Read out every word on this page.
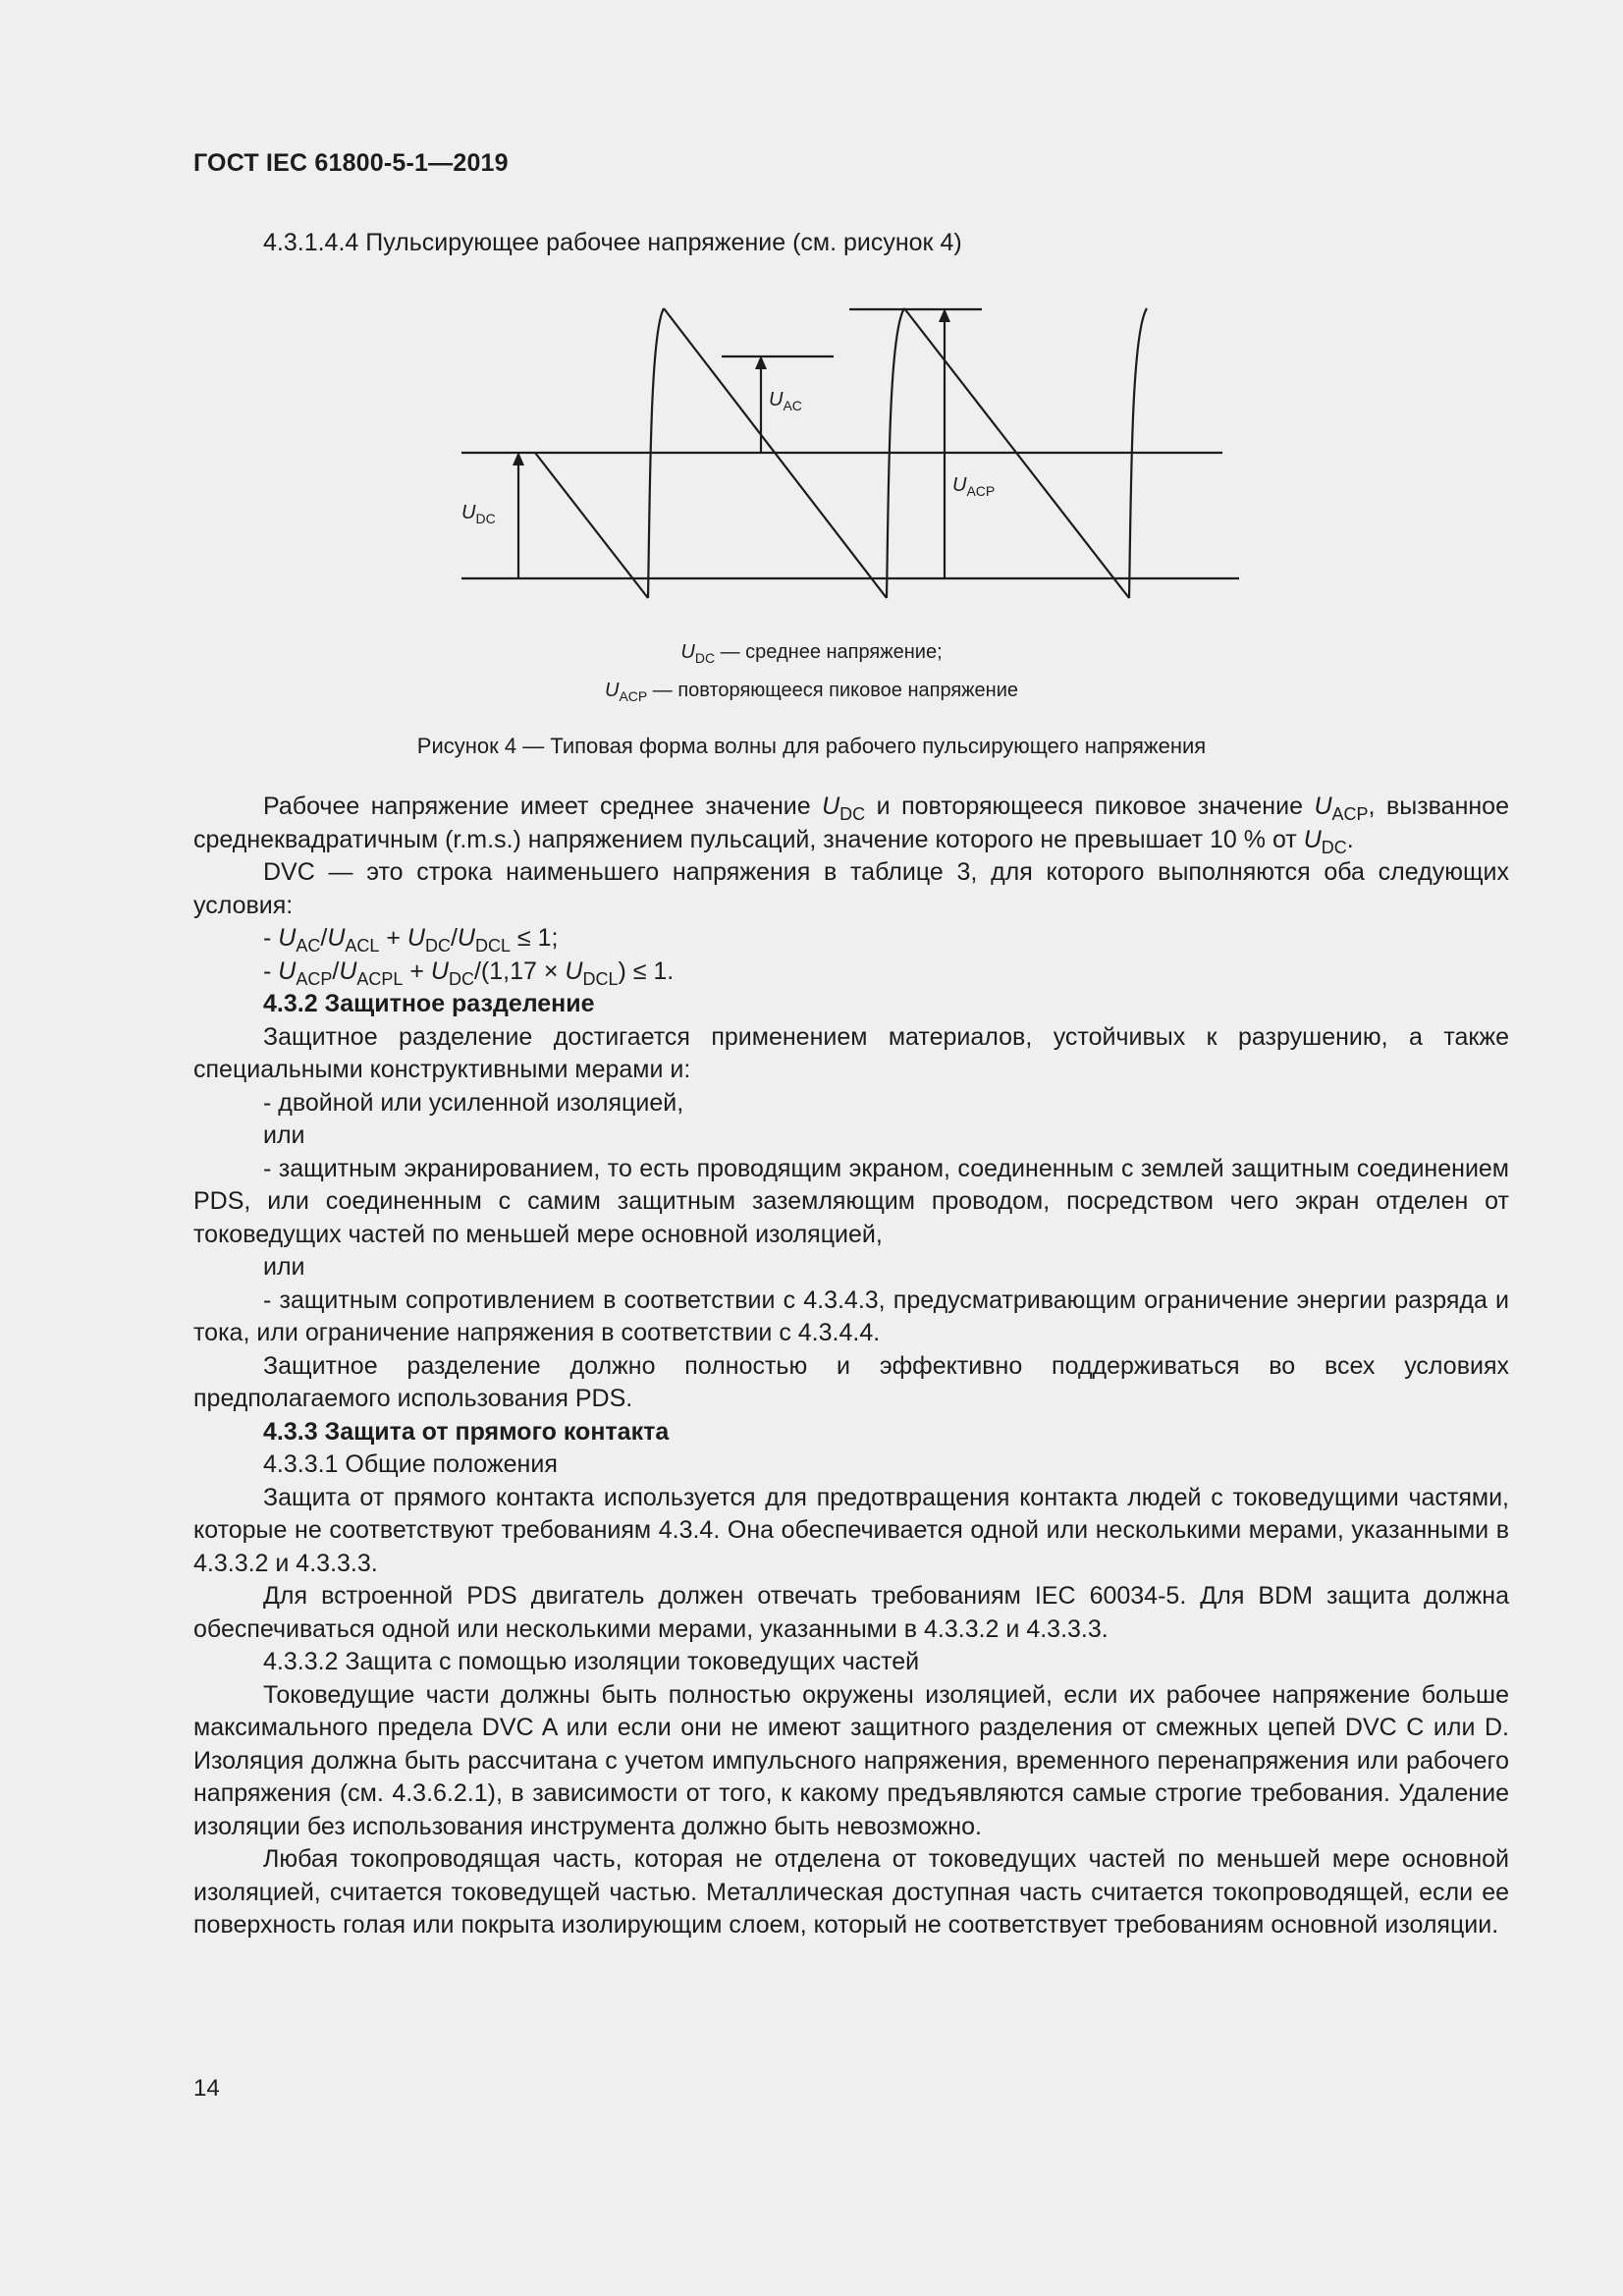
ГОСТ IEC 61800-5-1—2019
4.3.1.4.4 Пульсирующее рабочее напряжение (см. рисунок 4)
$U_{AC}$
$U_{ACP}$
$U_{DC}$
$U_{DC}$ — среднее напряжение;
$U_{ACP}$ — повторяющееся пиковое напряжение
Рисунок 4 — Типовая форма волны для рабочего пульсирующего напряжения

Рабочее напряжение имеет среднее значение $U_{DC}$ и повторяющееся пиковое значение $U_{ACP}$, вызванное среднеквадратичным (r.m.s.) напряжением пульсаций, значение которого не превышает 10 % от $U_{DC}$.

DVC — это строка наименьшего напряжения в таблице 3, для которого выполняются оба следующих условия:

- $U_{AC}/U_{ACL} + U_{DC}/U_{DCL} \le 1$;

- $U_{ACP}/U_{ACPL} + U_{DC}/(1,17 \times U_{DCL}) \le 1$.

4.3.2 Защитное разделение

Защитное разделение достигается применением материалов, устойчивых к разрушению, а также специальными конструктивными мерами и:

- двойной или усиленной изоляцией,

или

- защитным экранированием, то есть проводящим экраном, соединенным с землей защитным соединением PDS, или соединенным с самим защитным заземляющим проводом, посредством чего экран отделен от токоведущих частей по меньшей мере основной изоляцией,

или

- защитным сопротивлением в соответствии с 4.3.4.3, предусматривающим ограничение энергии разряда и тока, или ограничение напряжения в соответствии с 4.3.4.4.

Защитное разделение должно полностью и эффективно поддерживаться во всех условиях предполагаемого использования PDS.

4.3.3 Защита от прямого контакта

4.3.3.1 Общие положения

Защита от прямого контакта используется для предотвращения контакта людей с токоведущими частями, которые не соответствуют требованиям 4.3.4. Она обеспечивается одной или несколькими мерами, указанными в 4.3.3.2 и 4.3.3.3.

Для встроенной PDS двигатель должен отвечать требованиям IEC 60034-5. Для BDM защита должна обеспечиваться одной или несколькими мерами, указанными в 4.3.3.2 и 4.3.3.3.

4.3.3.2 Защита с помощью изоляции токоведущих частей

Токоведущие части должны быть полностью окружены изоляцией, если их рабочее напряжение больше максимального предела DVC A или если они не имеют защитного разделения от смежных цепей DVC C или D. Изоляция должна быть рассчитана с учетом импульсного напряжения, временного перенапряжения или рабочего напряжения (см. 4.3.6.2.1), в зависимости от того, к какому предъявляются самые строгие требования. Удаление изоляции без использования инструмента должно быть невозможно.

Любая токопроводящая часть, которая не отделена от токоведущих частей по меньшей мере основной изоляцией, считается токоведущей частью. Металлическая доступная часть считается токопроводящей, если ее поверхность голая или покрыта изолирующим слоем, который не соответствует требованиям основной изоляции.

14
